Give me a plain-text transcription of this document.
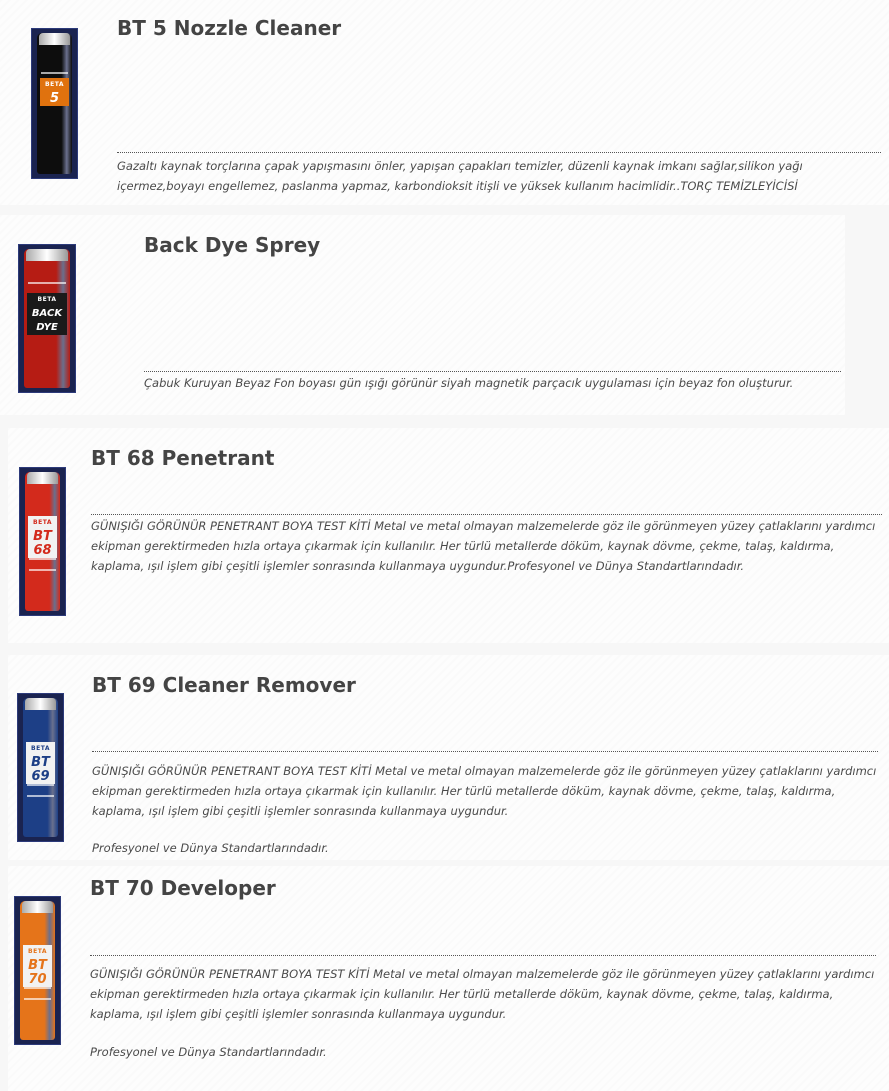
BETA
5
BT 5 Nozzle Cleaner

Gazaltı kaynak torçlarına çapak yapışmasını önler, yapışan çapakları temizler, düzenli kaynak imkanı sağlar,silikon yağı içermez,boyayı engellemez, paslanma yapmaz, karbondioksit itişli ve yüksek kullanım hacimlidir..TORÇ TEMİZLEYİCİSİ

BETA
BACK DYE
Back Dye Sprey

Çabuk Kuruyan Beyaz Fon boyası gün ışığı görünür siyah magnetik parçacık uygulaması için beyaz fon oluşturur.

BETA
BT 68
BT 68 Penetrant

GÜNIŞIĞI GÖRÜNÜR PENETRANT BOYA TEST KİTİ Metal ve metal olmayan malzemelerde göz ile görünmeyen yüzey çatlaklarını yardımcı ekipman gerektirmeden hızla ortaya çıkarmak için kullanılır. Her türlü metallerde döküm, kaynak dövme, çekme, talaş, kaldırma, kaplama, ışıl işlem gibi çeşitli işlemler sonrasında kullanmaya uygundur.Profesyonel ve Dünya Standartlarındadır.

BETA
BT 69
BT 69 Cleaner Remover

GÜNIŞIĞI GÖRÜNÜR PENETRANT BOYA TEST KİTİ Metal ve metal olmayan malzemelerde göz ile görünmeyen yüzey çatlaklarını yardımcı ekipman gerektirmeden hızla ortaya çıkarmak için kullanılır. Her türlü metallerde döküm, kaynak dövme, çekme, talaş, kaldırma, kaplama, ışıl işlem gibi çeşitli işlemler sonrasında kullanmaya uygundur.

Profesyonel ve Dünya Standartlarındadır.

BETA
BT 70
BT 70 Developer

GÜNIŞIĞI GÖRÜNÜR PENETRANT BOYA TEST KİTİ Metal ve metal olmayan malzemelerde göz ile görünmeyen yüzey çatlaklarını yardımcı ekipman gerektirmeden hızla ortaya çıkarmak için kullanılır. Her türlü metallerde döküm, kaynak dövme, çekme, talaş, kaldırma, kaplama, ışıl işlem gibi çeşitli işlemler sonrasında kullanmaya uygundur.

Profesyonel ve Dünya Standartlarındadır.
